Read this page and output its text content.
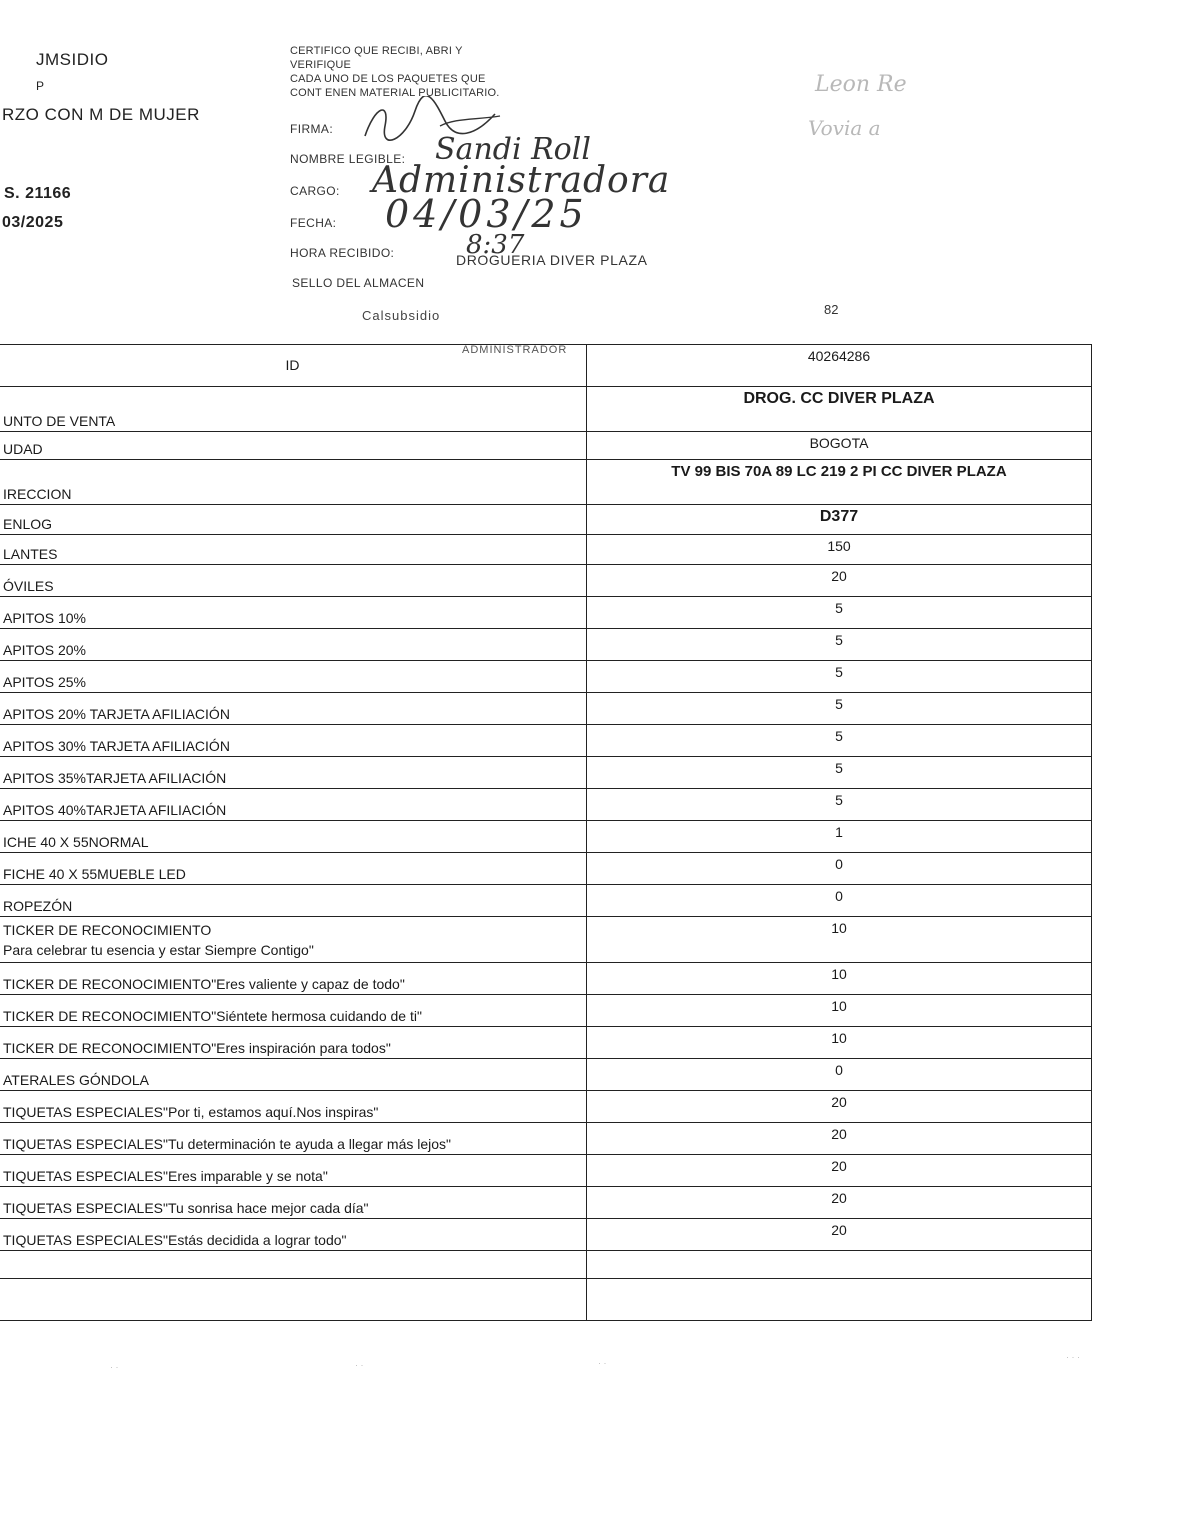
JMSIDIO
P
RZO CON M DE MUJER
S. 21166
03/2025
CERTIFICO QUE RECIBI, ABRI Y
VERIFIQUE
CADA UNO DE LOS PAQUETES QUE
CONT ENEN MATERIAL PUBLICITARIO.
FIRMA:
NOMBRE LEGIBLE: Sandi Roll
CARGO: Administradora
FECHA: 04/03/25
HORA RECIBIDO:	8:37
DROGUERIA DIVER PLAZA
SELLO DEL ALMACEN
Calsubsidio
ADMINISTRADOR
82
Leon Re
Vovia a
ID	40264286
UNTO DE VENTA	DROG. CC DIVER PLAZA
UDAD	BOGOTA
IRECCION	TV 99 BIS 70A 89 LC 219 2 PI CC DIVER PLAZA
ENLOG	D377
LANTES	150
ÓVILES	20
APITOS 10%	5
APITOS 20%	5
APITOS 25%	5
APITOS 20% TARJETA AFILIACIÓN	5
APITOS 30% TARJETA AFILIACIÓN	5
APITOS 35%TARJETA AFILIACIÓN	5
APITOS 40%TARJETA AFILIACIÓN	5
ICHE 40 X 55NORMAL	1
FICHE 40 X 55MUEBLE LED	0
ROPEZÓN	0

TICKER DE RECONOCIMIENTO
Para celebrar tu esencia y estar Siempre Contigo"	10
TICKER DE RECONOCIMIENTO"Eres valiente y capaz de todo"	10
TICKER DE RECONOCIMIENTO"Siéntete hermosa cuidando de ti"	10
TICKER DE RECONOCIMIENTO"Eres inspiración para todos"	10
ATERALES GÓNDOLA	0
TIQUETAS ESPECIALES"Por ti, estamos aquí.Nos inspiras"	20
TIQUETAS ESPECIALES"Tu determinación te ayuda a llegar más lejos"	20
TIQUETAS ESPECIALES"Eres imparable y se nota"	20
TIQUETAS ESPECIALES"Tu sonrisa hace mejor cada día"	20
TIQUETAS ESPECIALES"Estás decidida a lograr todo"	20

· ·	· ·	· ·
· · ·
